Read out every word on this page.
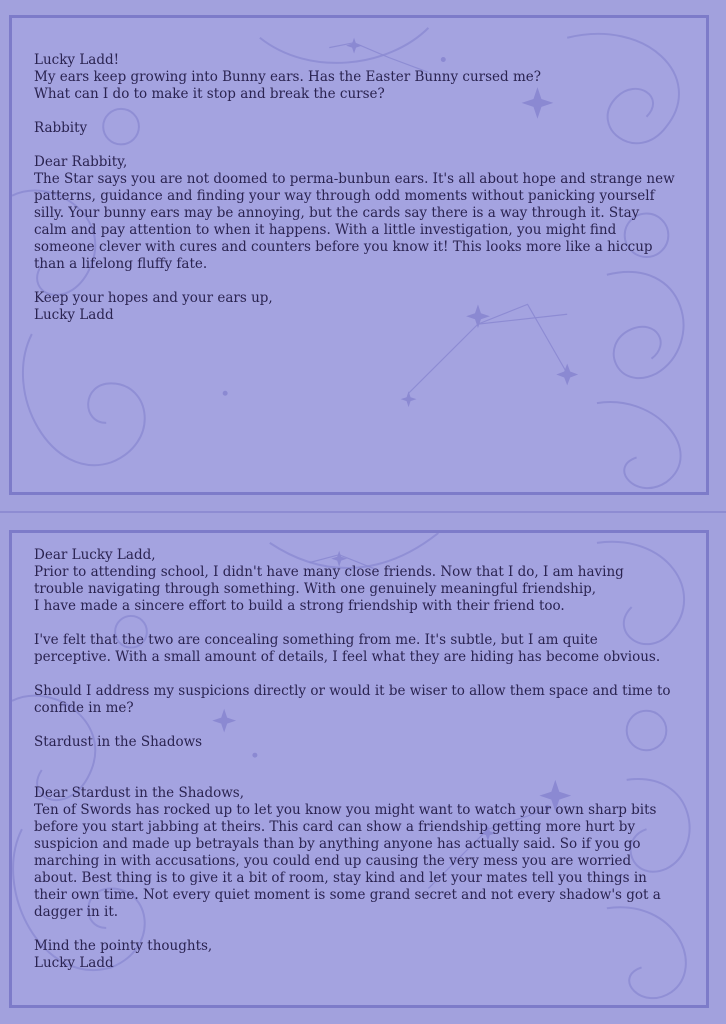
Lucky Ladd!
My ears keep growing into Bunny ears. Has the Easter Bunny cursed me?
What can I do to make it stop and break the curse?

Rabbity

Dear Rabbity,
The Star says you are not doomed to perma-bunbun ears. It's all about hope and strange new patterns, guidance and finding your way through odd moments without panicking yourself silly. Your bunny ears may be annoying, but the cards say there is a way through it. Stay calm and pay attention to when it happens. With a little investigation, you might find someone clever with cures and counters before you know it! This looks more like a hiccup than a lifelong fluffy fate.

Keep your hopes and your ears up,
Lucky Ladd

Dear Lucky Ladd,
Prior to attending school, I didn't have many close friends. Now that I do, I am having trouble navigating through something. With one genuinely meaningful friendship,
I have made a sincere effort to build a strong friendship with their friend too.

I've felt that the two are concealing something from me. It's subtle, but I am quite perceptive. With a small amount of details, I feel what they are hiding has become obvious.

Should I address my suspicions directly or would it be wiser to allow them space and time to confide in me?

Stardust in the Shadows

Dear Stardust in the Shadows,
Ten of Swords has rocked up to let you know you might want to watch your own sharp bits before you start jabbing at theirs. This card can show a friendship getting more hurt by suspicion and made up betrayals than by anything anyone has actually said. So if you go marching in with accusations, you could end up causing the very mess you are worried about. Best thing is to give it a bit of room, stay kind and let your mates tell you things in their own time. Not every quiet moment is some grand secret and not every shadow's got a dagger in it.

Mind the pointy thoughts,
Lucky Ladd
